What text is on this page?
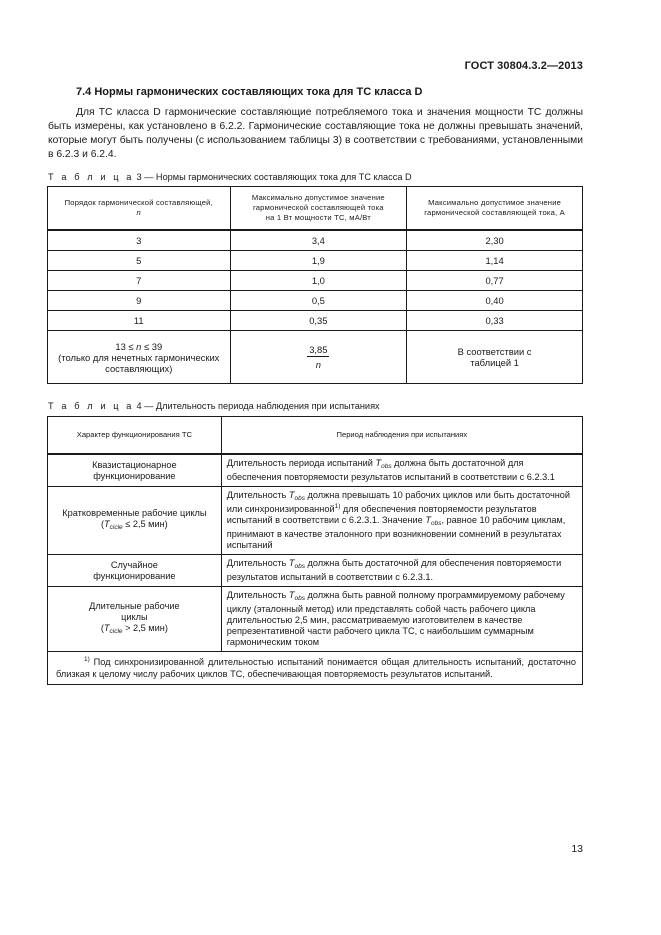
ГОСТ 30804.3.2—2013
7.4 Нормы гармонических составляющих тока для ТС класса D
Для ТС класса D гармонические составляющие потребляемого тока и значения мощности ТС должны быть измерены, как установлено в 6.2.2. Гармонические составляющие тока не должны превышать значений, которые могут быть получены (с использованием таблицы 3) в соответствии с требованиями, установленными в 6.2.3 и 6.2.4.
Т а б л и ц а 3 — Нормы гармонических составляющих тока для ТС класса D
Порядок гармонической составляющей,
n	Максимально допустимое значение гармонической составляющей тока на 1 Вт мощности ТС, мА/Вт	Максимально допустимое значение гармонической составляющей тока, А
3	3,4	2,30
5	1,9	1,14
7	1,0	0,77
9	0,5	0,40
11	0,35	0,33
13 ≤ n ≤ 39
(только для нечетных гармонических составляющих)	$\frac{3,85}{n}$	В соответствии с таблицей 1
Т а б л и ц а 4 — Длительность периода наблюдения при испытаниях
Характер функционирования ТС	Период наблюдения при испытаниях
Квазистационарное функционирование	Длительность периода испытаний $T_{obs}$ должна быть достаточной для обеспечения повторяемости результатов испытаний в соответствии с 6.2.3.1
Кратковременные рабочие циклы
($T_{cicle} \le 2,5$ мин)	Длительность $T_{obs}$ должна превышать 10 рабочих циклов или быть достаточной или синхронизированной$^{1)}$ для обеспечения повторяемости результатов испытаний в соответствии с 6.2.3.1. Значение $T_{obs}$, равное 10 рабочим циклам, принимают в качестве эталонного при возникновении сомнений в результатах испытаний
Случайное функционирование	Длительность $T_{obs}$ должна быть достаточной для обеспечения повторяемости результатов испытаний в соответствии с 6.2.3.1.
Длительные рабочие циклы
($T_{cicle} > 2,5$ мин)	Длительность $T_{obs}$ должна быть равной полному программируемому рабочему циклу (эталонный метод) или представлять собой часть рабочего цикла длительностью 2,5 мин, рассматриваемую изготовителем в качестве репрезентативной части рабочего цикла ТС, с наибольшим суммарным гармоническим током
$^{1)}$ Под синхронизированной длительностью испытаний понимается общая длительность испытаний, достаточно близкая к целому числу рабочих циклов ТС, обеспечивающая повторяемость результатов испытаний.	
13
